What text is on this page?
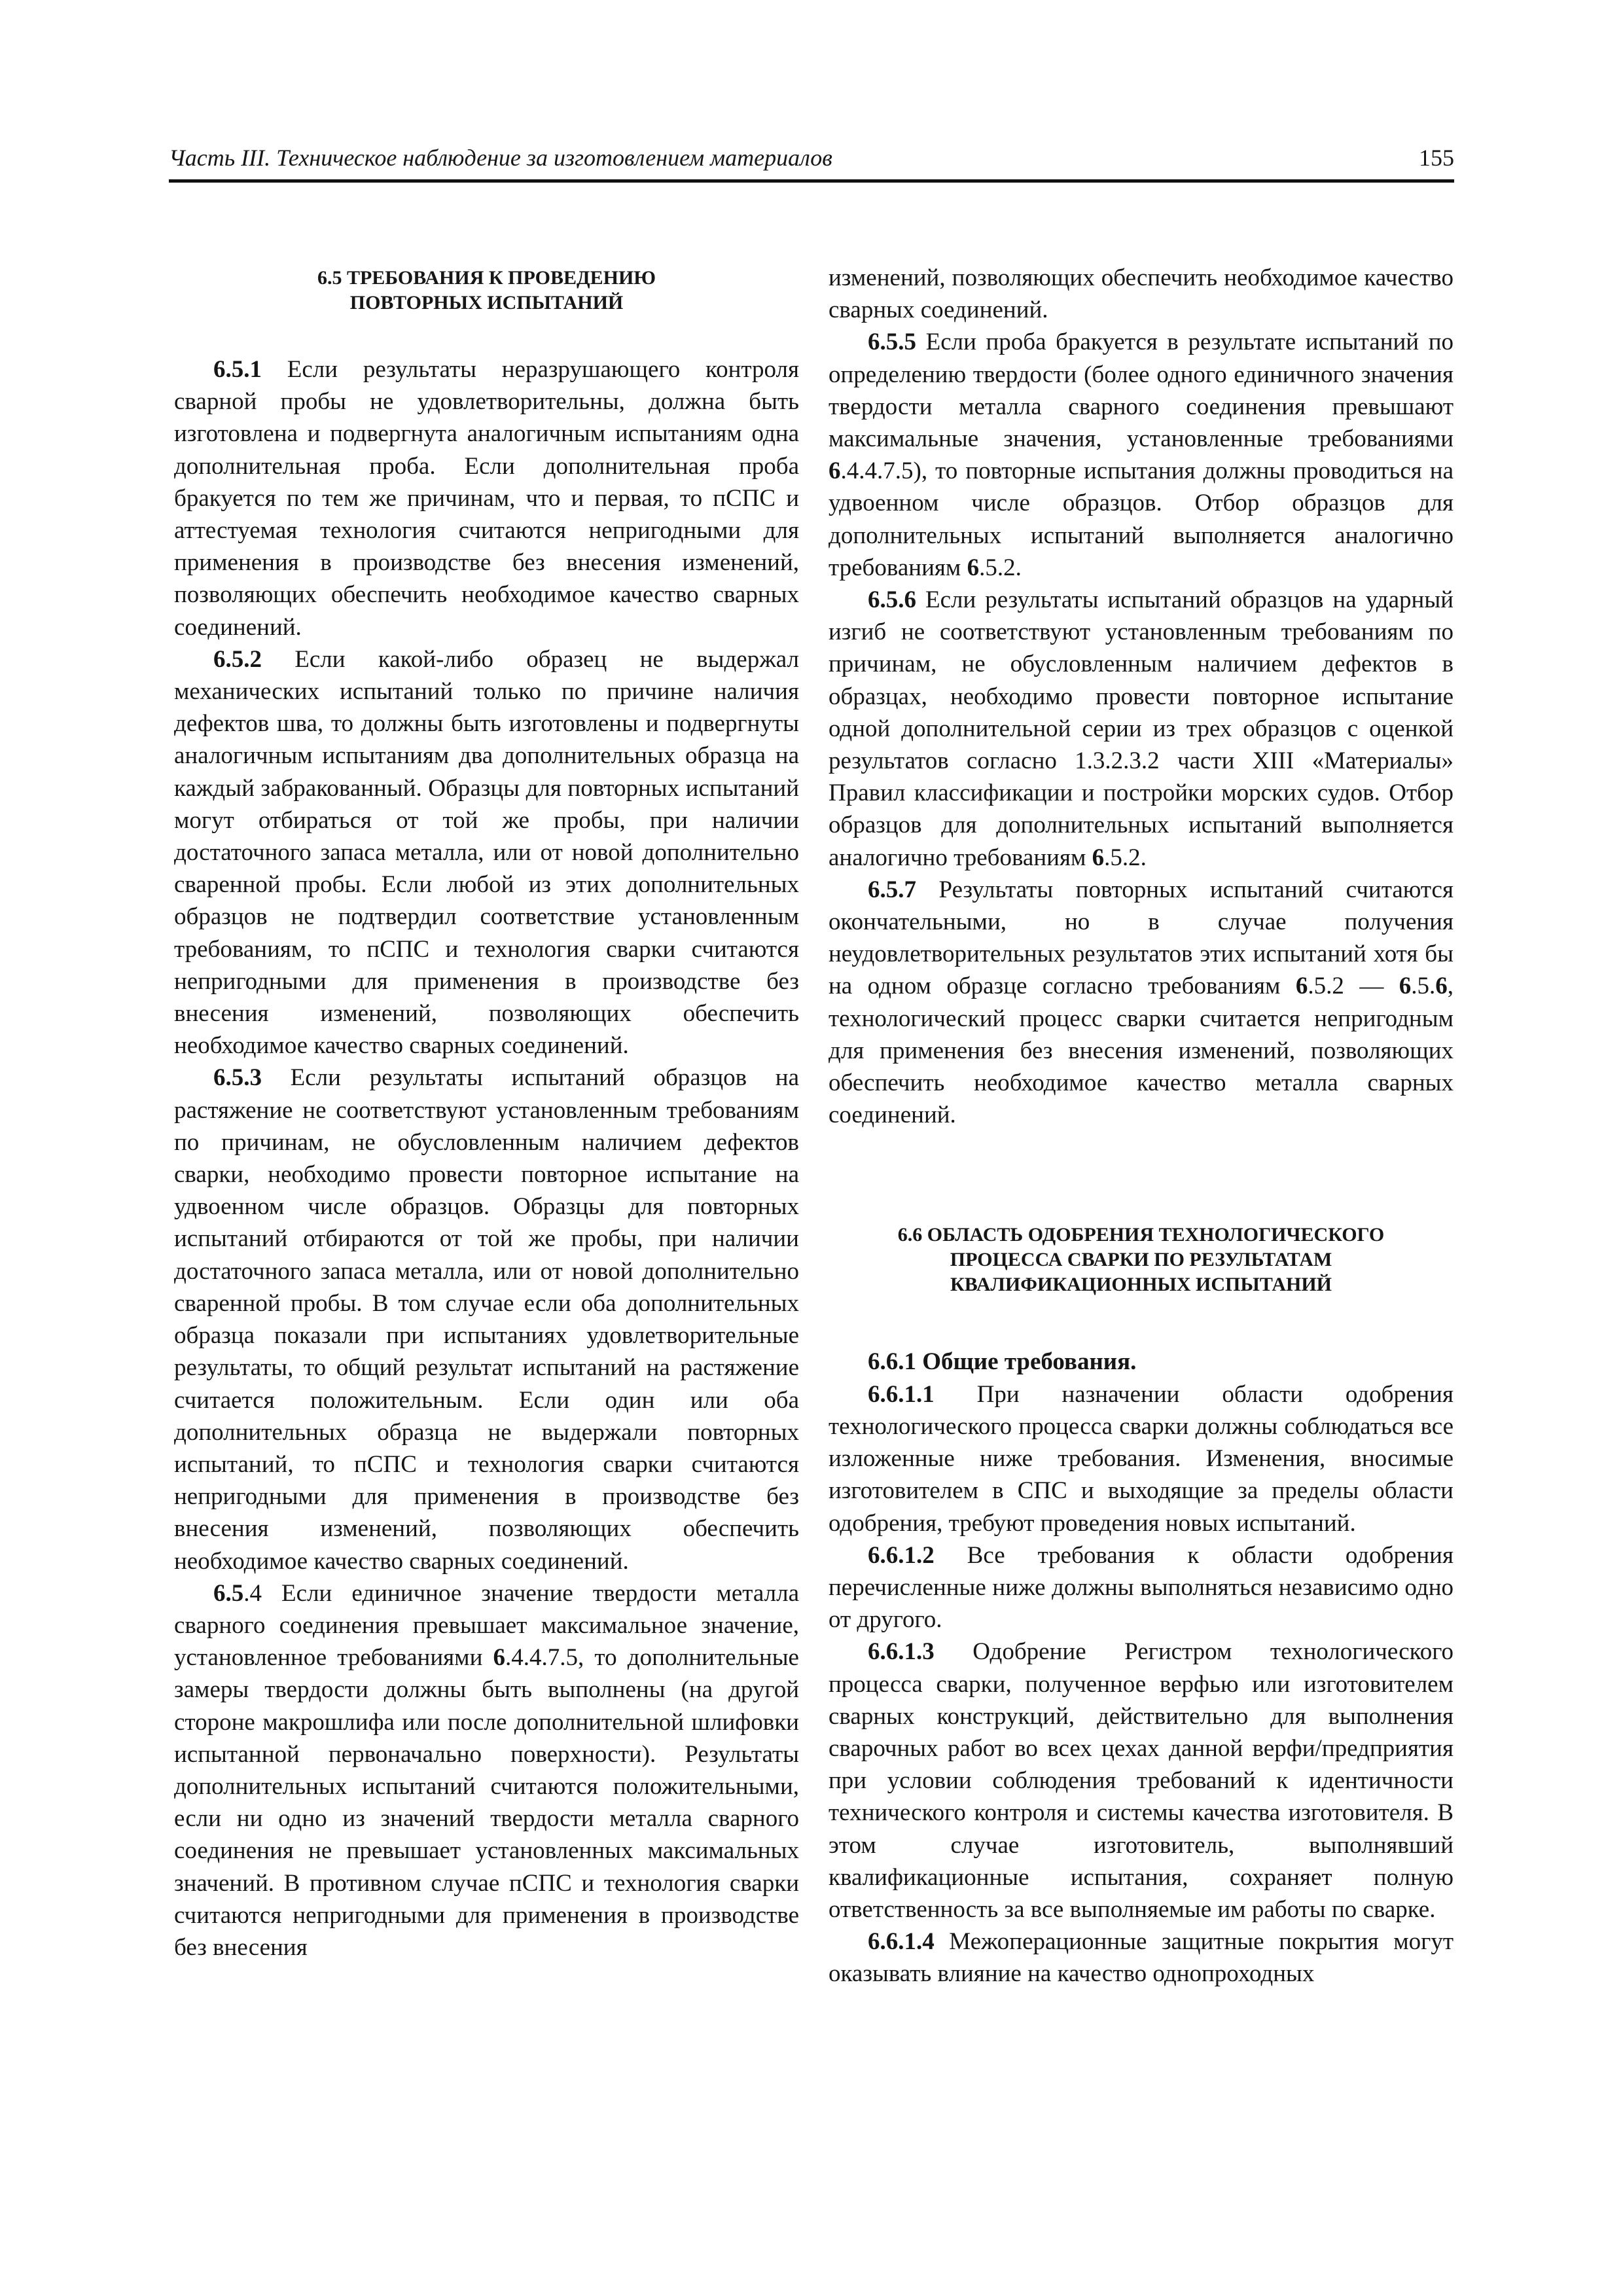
Часть III. Техническое наблюдение за изготовлением материалов	155
6.5 ТРЕБОВАНИЯ К ПРОВЕДЕНИЮ
ПОВТОРНЫХ ИСПЫТАНИЙ

6.5.1 Если результаты неразрушающего контроля сварной пробы не удовлетворительны, должна быть изготовлена и подвергнута аналогичным испытаниям одна дополнительная проба. Если дополнительная проба бракуется по тем же причинам, что и первая, то пСПС и аттестуемая технология считаются непригодными для применения в производстве без внесения изменений, позволяющих обеспечить необходимое качество сварных соединений.

6.5.2 Если какой-либо образец не выдержал механических испытаний только по причине наличия дефектов шва, то должны быть изготовлены и подвергнуты аналогичным испытаниям два дополнительных образца на каждый забракованный. Образцы для повторных испытаний могут отбираться от той же пробы, при наличии достаточного запаса металла, или от новой дополнительно сваренной пробы. Если любой из этих дополнительных образцов не подтвердил соответствие установленным требованиям, то пСПС и технология сварки считаются непригодными для применения в производстве без внесения изменений, позволяющих обеспечить необходимое качество сварных соединений.

6.5.3 Если результаты испытаний образцов на растяжение не соответствуют установленным требованиям по причинам, не обусловленным наличием дефектов сварки, необходимо провести повторное испытание на удвоенном числе образцов. Образцы для повторных испытаний отбираются от той же пробы, при наличии достаточного запаса металла, или от новой дополнительно сваренной пробы. В том случае если оба дополнительных образца показали при испытаниях удовлетворительные результаты, то общий результат испытаний на растяжение считается положительным. Если один или оба дополнительных образца не выдержали повторных испытаний, то пСПС и технология сварки считаются непригодными для применения в производстве без внесения изменений, позволяющих обеспечить необходимое качество сварных соединений.

6.5.4 Если единичное значение твердости металла сварного соединения превышает максимальное значение, установленное требованиями 6.4.4.7.5, то дополнительные замеры твердости должны быть выполнены (на другой стороне макрошлифа или после дополнительной шлифовки испытанной первоначально поверхности). Результаты дополнительных испытаний считаются положительными, если ни одно из значений твердости металла сварного соединения не превышает установленных максимальных значений. В противном случае пСПС и технология сварки считаются непригодными для применения в производстве без внесения

изменений, позволяющих обеспечить необходимое качество сварных соединений.

6.5.5 Если проба бракуется в результате испытаний по определению твердости (более одного единичного значения твердости металла сварного соединения превышают максимальные значения, установленные требованиями 6.4.4.7.5), то повторные испытания должны проводиться на удвоенном числе образцов. Отбор образцов для дополнительных испытаний выполняется аналогично требованиям 6.5.2.

6.5.6 Если результаты испытаний образцов на ударный изгиб не соответствуют установленным требованиям по причинам, не обусловленным наличием дефектов в образцах, необходимо провести повторное испытание одной дополнительной серии из трех образцов с оценкой результатов согласно 1.3.2.3.2 части XIII «Материалы» Правил классификации и постройки морских судов. Отбор образцов для дополнительных испытаний выполняется аналогично требованиям 6.5.2.

6.5.7 Результаты повторных испытаний считаются окончательными, но в случае получения неудовлетворительных результатов этих испытаний хотя бы на одном образце согласно требованиям 6.5.2 — 6.5.6, технологический процесс сварки считается непригодным для применения без внесения изменений, позволяющих обеспечить необходимое качество металла сварных соединений.

6.6 ОБЛАСТЬ ОДОБРЕНИЯ ТЕХНОЛОГИЧЕСКОГО
ПРОЦЕССА СВАРКИ ПО РЕЗУЛЬТАТАМ
КВАЛИФИКАЦИОННЫХ ИСПЫТАНИЙ

6.6.1 Общие требования.

6.6.1.1 При назначении области одобрения технологического процесса сварки должны соблюдаться все изложенные ниже требования. Изменения, вносимые изготовителем в СПС и выходящие за пределы области одобрения, требуют проведения новых испытаний.

6.6.1.2 Все требования к области одобрения перечисленные ниже должны выполняться независимо одно от другого.

6.6.1.3 Одобрение Регистром технологического процесса сварки, полученное верфью или изготовителем сварных конструкций, действительно для выполнения сварочных работ во всех цехах данной верфи/предприятия при условии соблюдения требований к идентичности технического контроля и системы качества изготовителя. В этом случае изготовитель, выполнявший квалификационные испытания, сохраняет полную ответственность за все выполняемые им работы по сварке.

6.6.1.4 Межоперационные защитные покрытия могут оказывать влияние на качество однопроходных
